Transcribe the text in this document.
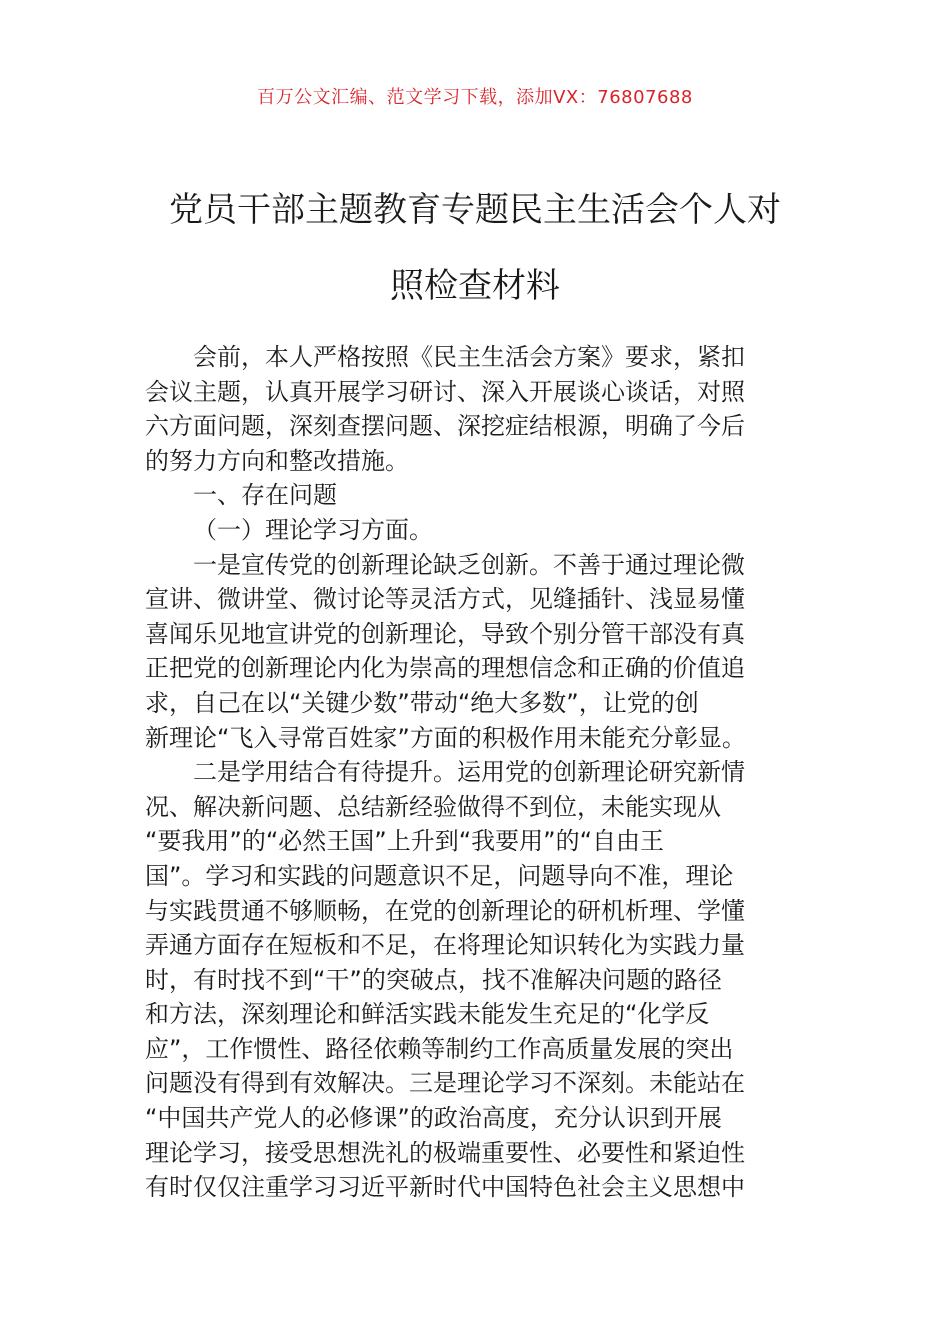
百万公文汇编、范文学习下载，添加VX：76807688
党员干部主题教育专题民主生活会个人对
照检查材料
会前，本人严格按照《民主生活会方案》要求，紧扣
会议主题，认真开展学习研讨、深入开展谈心谈话，对照
六方面问题，深刻查摆问题、深挖症结根源，明确了今后
的努力方向和整改措施。
一、存在问题
（一）理论学习方面。
一是宣传党的创新理论缺乏创新。不善于通过理论微
宣讲、微讲堂、微讨论等灵活方式，见缝插针、浅显易懂
喜闻乐见地宣讲党的创新理论，导致个别分管干部没有真
正把党的创新理论内化为崇高的理想信念和正确的价值追
求，自己在以“关键少数”带动“绝大多数”，让党的创
新理论“飞入寻常百姓家”方面的积极作用未能充分彰显。
二是学用结合有待提升。运用党的创新理论研究新情
况、解决新问题、总结新经验做得不到位，未能实现从
“要我用”的“必然王国”上升到“我要用”的“自由王
国”。学习和实践的问题意识不足，问题导向不准，理论
与实践贯通不够顺畅，在党的创新理论的研机析理、学懂
弄通方面存在短板和不足，在将理论知识转化为实践力量
时，有时找不到“干”的突破点，找不准解决问题的路径
和方法，深刻理论和鲜活实践未能发生充足的“化学反
应”，工作惯性、路径依赖等制约工作高质量发展的突出
问题没有得到有效解决。三是理论学习不深刻。未能站在
“中国共产党人的必修课”的政治高度，充分认识到开展
理论学习，接受思想洗礼的极端重要性、必要性和紧迫性
有时仅仅注重学习习近平新时代中国特色社会主义思想中
